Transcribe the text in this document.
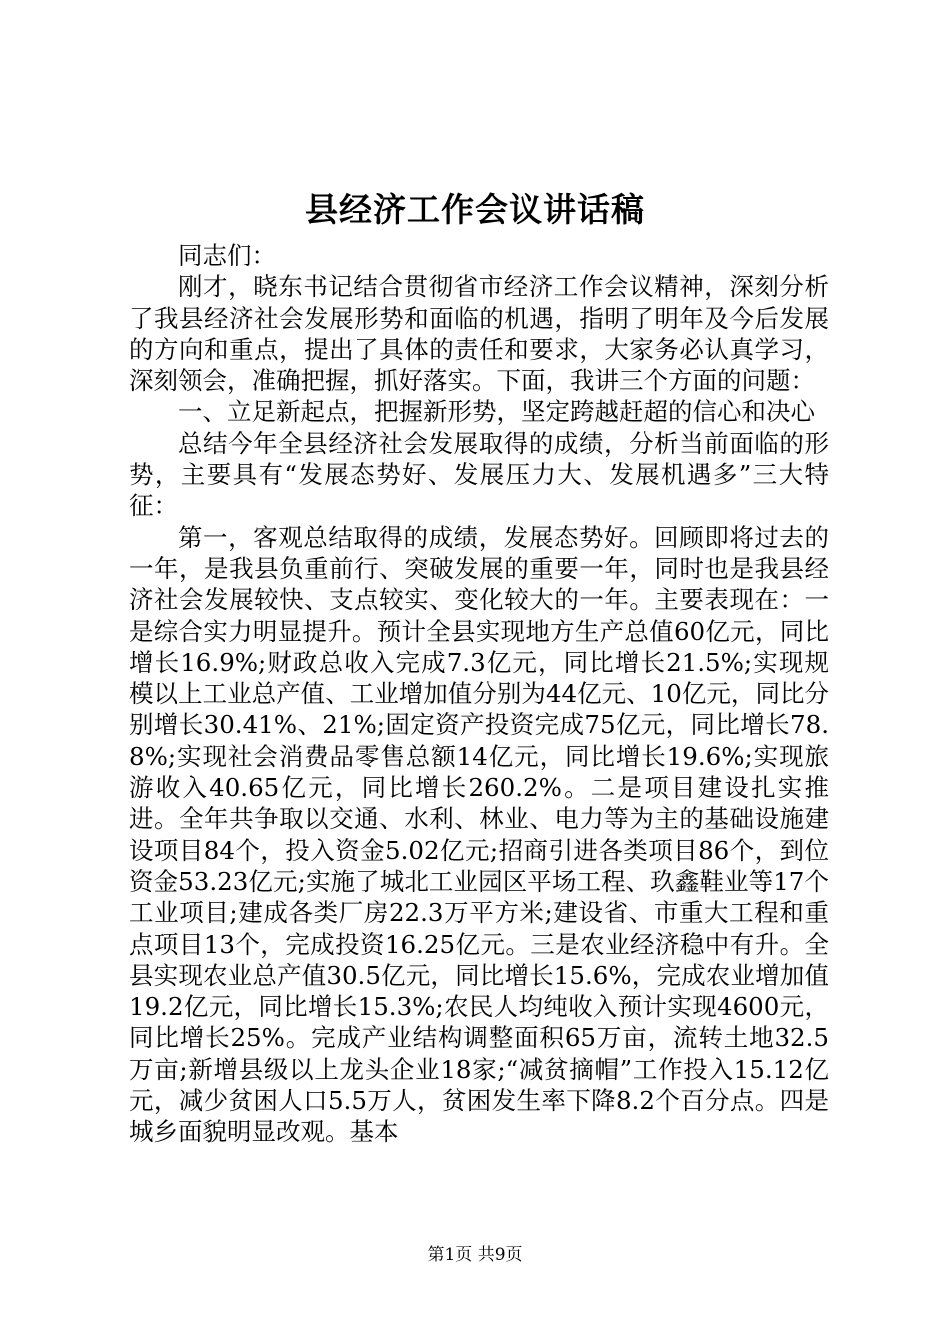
县经济工作会议讲话稿

同志们：

刚才，晓东书记结合贯彻省市经济工作会议精神，深刻分析了我县经济社会发展形势和面临的机遇，指明了明年及今后发展的方向和重点，提出了具体的责任和要求，大家务必认真学习，深刻领会，准确把握，抓好落实。下面，我讲三个方面的问题：

一、立足新起点，把握新形势，坚定跨越赶超的信心和决心

总结今年全县经济社会发展取得的成绩，分析当前面临的形势，主要具有“发展态势好、发展压力大、发展机遇多”三大特征：

第一，客观总结取得的成绩，发展态势好。回顾即将过去的一年，是我县负重前行、突破发展的重要一年，同时也是我县经济社会发展较快、支点较实、变化较大的一年。主要表现在：一是综合实力明显提升。预计全县实现地方生产总值60亿元，同比增长16.9%;财政总收入完成7.3亿元，同比增长21.5%;实现规模以上工业总产值、工业增加值分别为44亿元、10亿元，同比分别增长30.41%、21%;固定资产投资完成75亿元，同比增长78.8%;实现社会消费品零售总额14亿元，同比增长19.6%;实现旅游收入40.65亿元，同比增长260.2%。二是项目建设扎实推进。全年共争取以交通、水利、林业、电力等为主的基础设施建设项目84个，投入资金5.02亿元;招商引进各类项目86个，到位资金53.23亿元;实施了城北工业园区平场工程、玖鑫鞋业等17个工业项目;建成各类厂房22.3万平方米;建设省、市重大工程和重点项目13个，完成投资16.25亿元。三是农业经济稳中有升。全县实现农业总产值30.5亿元，同比增长15.6%，完成农业增加值19.2亿元，同比增长15.3%;农民人均纯收入预计实现4600元，同比增长25%。完成产业结构调整面积65万亩，流转土地32.5万亩;新增县级以上龙头企业18家;“减贫摘帽”工作投入15.12亿元，减少贫困人口5.5万人，贫困发生率下降8.2个百分点。四是城乡面貌明显改观。基本

第1页 共9页
